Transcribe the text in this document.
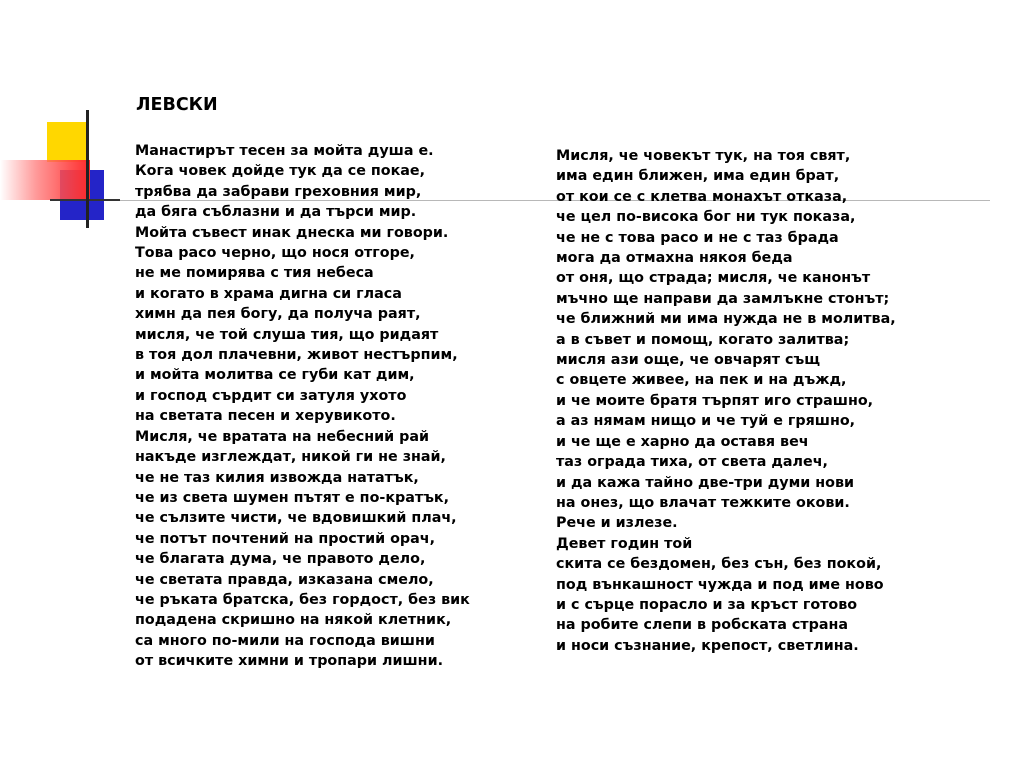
ЛЕВСКИ
Манастирът тесен за мойта душа е.
Кога човек дойде тук да се покае,
трябва да забрави греховния мир,
да бяга съблазни и да търси мир.
Мойта съвест инак днеска ми говори.
Това расо черно, що нося отгоре,
не ме помирява с тия небеса
и когато в храма дигна си гласа
химн да пея богу, да получа раят,
мисля, че той слуша тия, що ридаят
в тоя дол плачевни, живот нестърпим,
и мойта молитва се губи кат дим,
и господ сърдит си затуля ухото
на светата песен и херувикото.
Мисля, че вратата на небесний рай
накъде изглеждат, никой ги не знай,
че не таз килия извожда нататък,
че из света шумен пътят е по-кратък,
че сълзите чисти, че вдовишкий плач,
че потът почтений на простий орач,
че благата дума, че правото дело,
че светата правда, изказана смело,
че ръката братска, без гордост, без вик
подадена скришно на някой клетник,
са много по-мили на господа вишни
от всичките химни и тропари лишни.
Мисля, че човекът тук, на тоя свят,
има един ближен, има един брат,
от кои се с клетва монахът отказа,
че цел по-висока бог ни тук показа,
че не с това расо и не с таз брада
мога да отмахна някоя беда
от оня, що страда; мисля, че канонът
мъчно ще направи да замлъкне стонът;
че ближний ми има нужда не в молитва,
а в съвет и помощ, когато залитва;
мисля ази още, че овчарят същ
с овцете живее, на пек и на дъжд,
и че моите братя търпят иго страшно,
а аз нямам нищо и че туй е гряшно,
и че ще е харно да оставя веч
таз ограда тиха, от света далеч,
и да кажа тайно две-три думи нови
на онез, що влачат тежките окови.
Рече и излезе.
Девет годин той
скита се бездомен, без сън, без покой,
под вънкашност чужда и под име ново
и с сърце порасло и за кръст готово
на робите слепи в робската страна
и носи съзнание, крепост, светлина.
